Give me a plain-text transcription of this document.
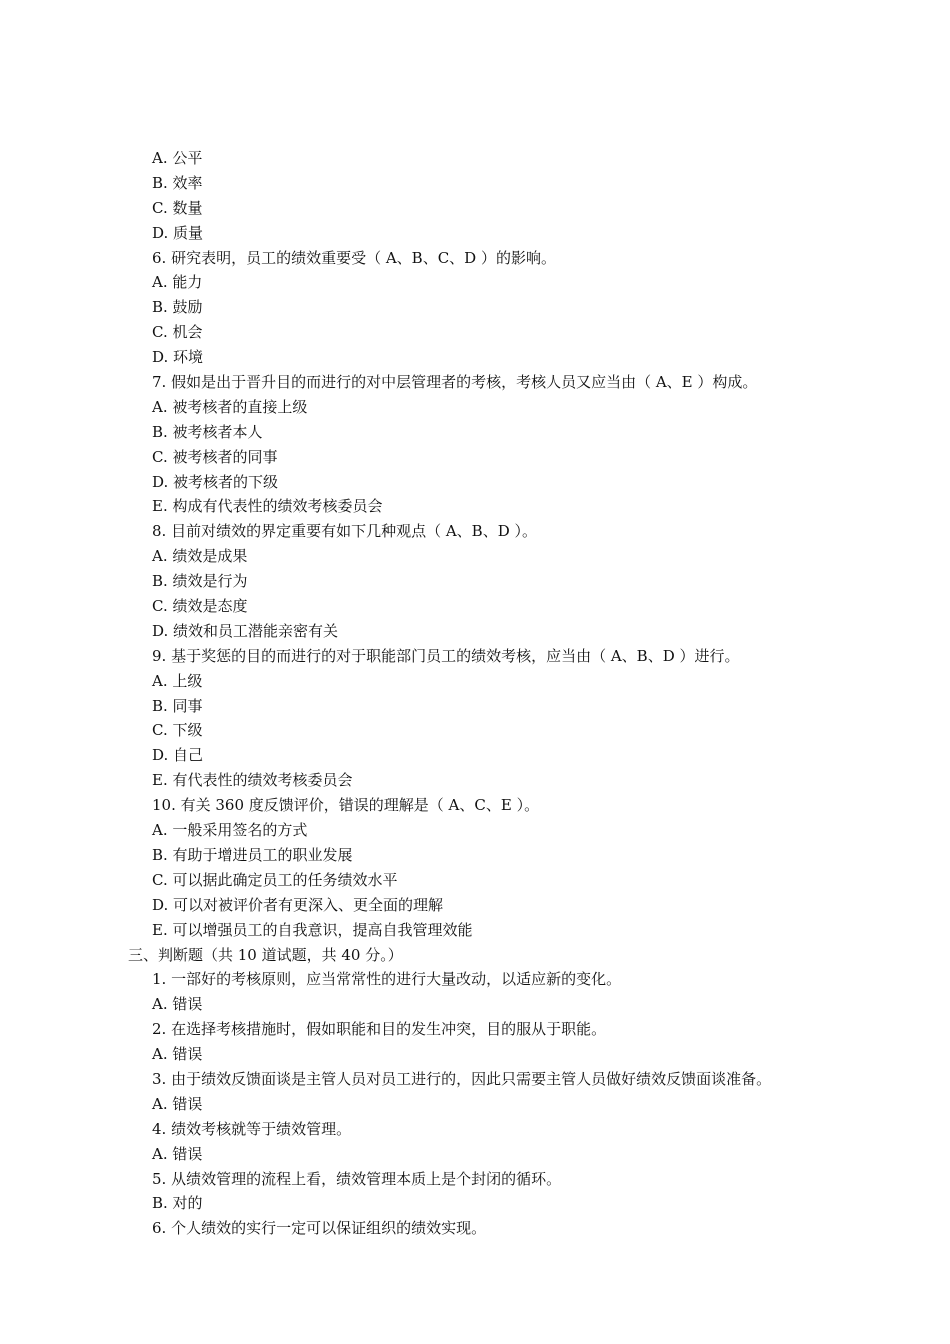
A. 公平
B. 效率
C. 数量
D. 质量
6. 研究表明，员工的绩效重要受（ A、B、C、D ）的影响。
A. 能力
B. 鼓励
C. 机会
D. 环境
7. 假如是出于晋升目的而进行的对中层管理者的考核，考核人员又应当由（ A、E ）构成。
A. 被考核者的直接上级
B. 被考核者本人
C. 被考核者的同事
D. 被考核者的下级
E. 构成有代表性的绩效考核委员会
8. 目前对绩效的界定重要有如下几种观点（ A、B、D ）。
A. 绩效是成果
B. 绩效是行为
C. 绩效是态度
D. 绩效和员工潜能亲密有关
9. 基于奖惩的目的而进行的对于职能部门员工的绩效考核，应当由（ A、B、D ）进行。
A. 上级
B. 同事
C. 下级
D. 自己
E. 有代表性的绩效考核委员会
10. 有关 360 度反馈评价，错误的理解是（ A、C、E ）。
A. 一般采用签名的方式
B. 有助于增进员工的职业发展
C. 可以据此确定员工的任务绩效水平
D. 可以对被评价者有更深入、更全面的理解
E. 可以增强员工的自我意识，提高自我管理效能
三、判断题（共 10 道试题，共 40 分。）
1. 一部好的考核原则，应当常常性的进行大量改动，以适应新的变化。
A. 错误
2. 在选择考核措施时，假如职能和目的发生冲突，目的服从于职能。
A. 错误
3. 由于绩效反馈面谈是主管人员对员工进行的，因此只需要主管人员做好绩效反馈面谈准备。
A. 错误
4. 绩效考核就等于绩效管理。
A. 错误
5. 从绩效管理的流程上看，绩效管理本质上是个封闭的循环。
B. 对的
6. 个人绩效的实行一定可以保证组织的绩效实现。
